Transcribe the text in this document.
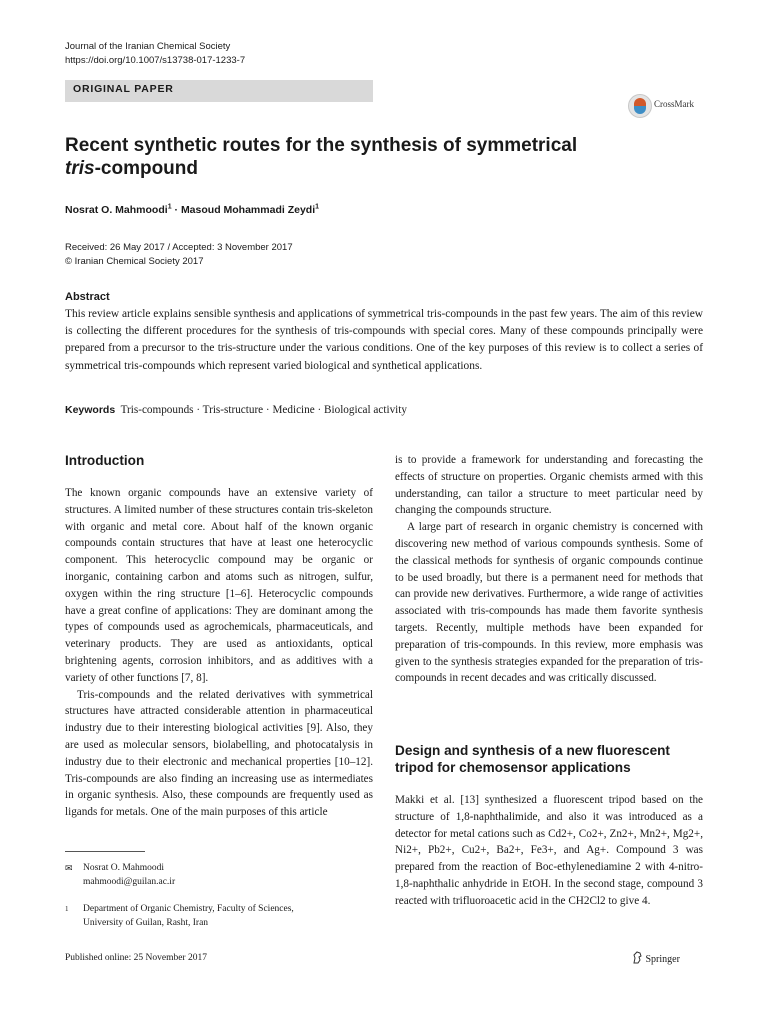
Journal of the Iranian Chemical Society
https://doi.org/10.1007/s13738-017-1233-7
ORIGINAL PAPER
CrossMark
Recent synthetic routes for the synthesis of symmetrical
tris-compound
Nosrat O. Mahmoodi$^1$ · Masoud Mohammadi Zeydi$^1$
Received: 26 May 2017 / Accepted: 3 November 2017
© Iranian Chemical Society 2017
Abstract
This review article explains sensible synthesis and applications of symmetrical tris-compounds in the past few years. The aim of this review is collecting the different procedures for the synthesis of tris-compounds with special cores. Many of these compounds principally were prepared from a precursor to the tris-structure under the various conditions. One of the key purposes of this review is to collect a series of symmetrical tris-compounds which represent varied biological and synthetical applications.
Keywords Tris-compounds · Tris-structure · Medicine · Biological activity
Introduction

The known organic compounds have an extensive variety of structures. A limited number of these structures contain tris-skeleton with organic and metal core. About half of the known organic compounds contain structures that have at least one heterocyclic component. This heterocyclic compound may be organic or inorganic, containing carbon and atoms such as nitrogen, sulfur, oxygen within the ring structure [1–6]. Heterocyclic compounds have a great confine of applications: They are dominant among the types of compounds used as agrochemicals, pharmaceuticals, and veterinary products. They are used as antioxidants, optical brightening agents, corrosion inhibitors, and as additives with a variety of other functions [7, 8].

Tris-compounds and the related derivatives with symmetrical structures have attracted considerable attention in pharmaceutical industry due to their interesting biological activities [9]. Also, they are used as molecular sensors, biolabelling, and photocatalysis in industry due to their electronic and mechanical properties [10–12]. Tris-compounds are also finding an increasing use as intermediates in organic synthesis. Also, these compounds are frequently used as ligands for metals. One of the main purposes of this article

is to provide a framework for understanding and forecasting the effects of structure on properties. Organic chemists armed with this understanding, can tailor a structure to meet particular need by changing the compounds structure.

A large part of research in organic chemistry is concerned with discovering new method of various compounds synthesis. Some of the classical methods for synthesis of organic compounds continue to be used broadly, but there is a permanent need for methods that can provide new derivatives. Furthermore, a wide range of activities associated with tris-compounds has made them favorite synthesis targets. Recently, multiple methods have been expanded for preparation of tris-compounds. In this review, more emphasis was given to the synthesis strategies expanded for the preparation of tris-compounds in recent decades and was critically discussed.

Design and synthesis of a new fluorescent
tripod for chemosensor applications

Makki et al. [13] synthesized a fluorescent tripod based on the structure of 1,8-naphthalimide, and also it was introduced as a detector for metal cations such as Cd2+, Co2+, Zn2+, Mn2+, Mg2+, Ni2+, Pb2+, Cu2+, Ba2+, Fe3+, and Ag+. Compound 3 was prepared from the reaction of Boc-ethylenediamine 2 with 4-nitro-1,8-naphthalic anhydride in EtOH. In the second stage, compound 3 reacted with trifluoroacetic acid in the CH2Cl2 to give 4.

✉ Nosrat O. Mahmoodi
mahmoodi@guilan.ac.ir
$^1$ Department of Organic Chemistry, Faculty of Sciences,
University of Guilan, Rasht, Iran
Published online: 25 November 2017	Springer
